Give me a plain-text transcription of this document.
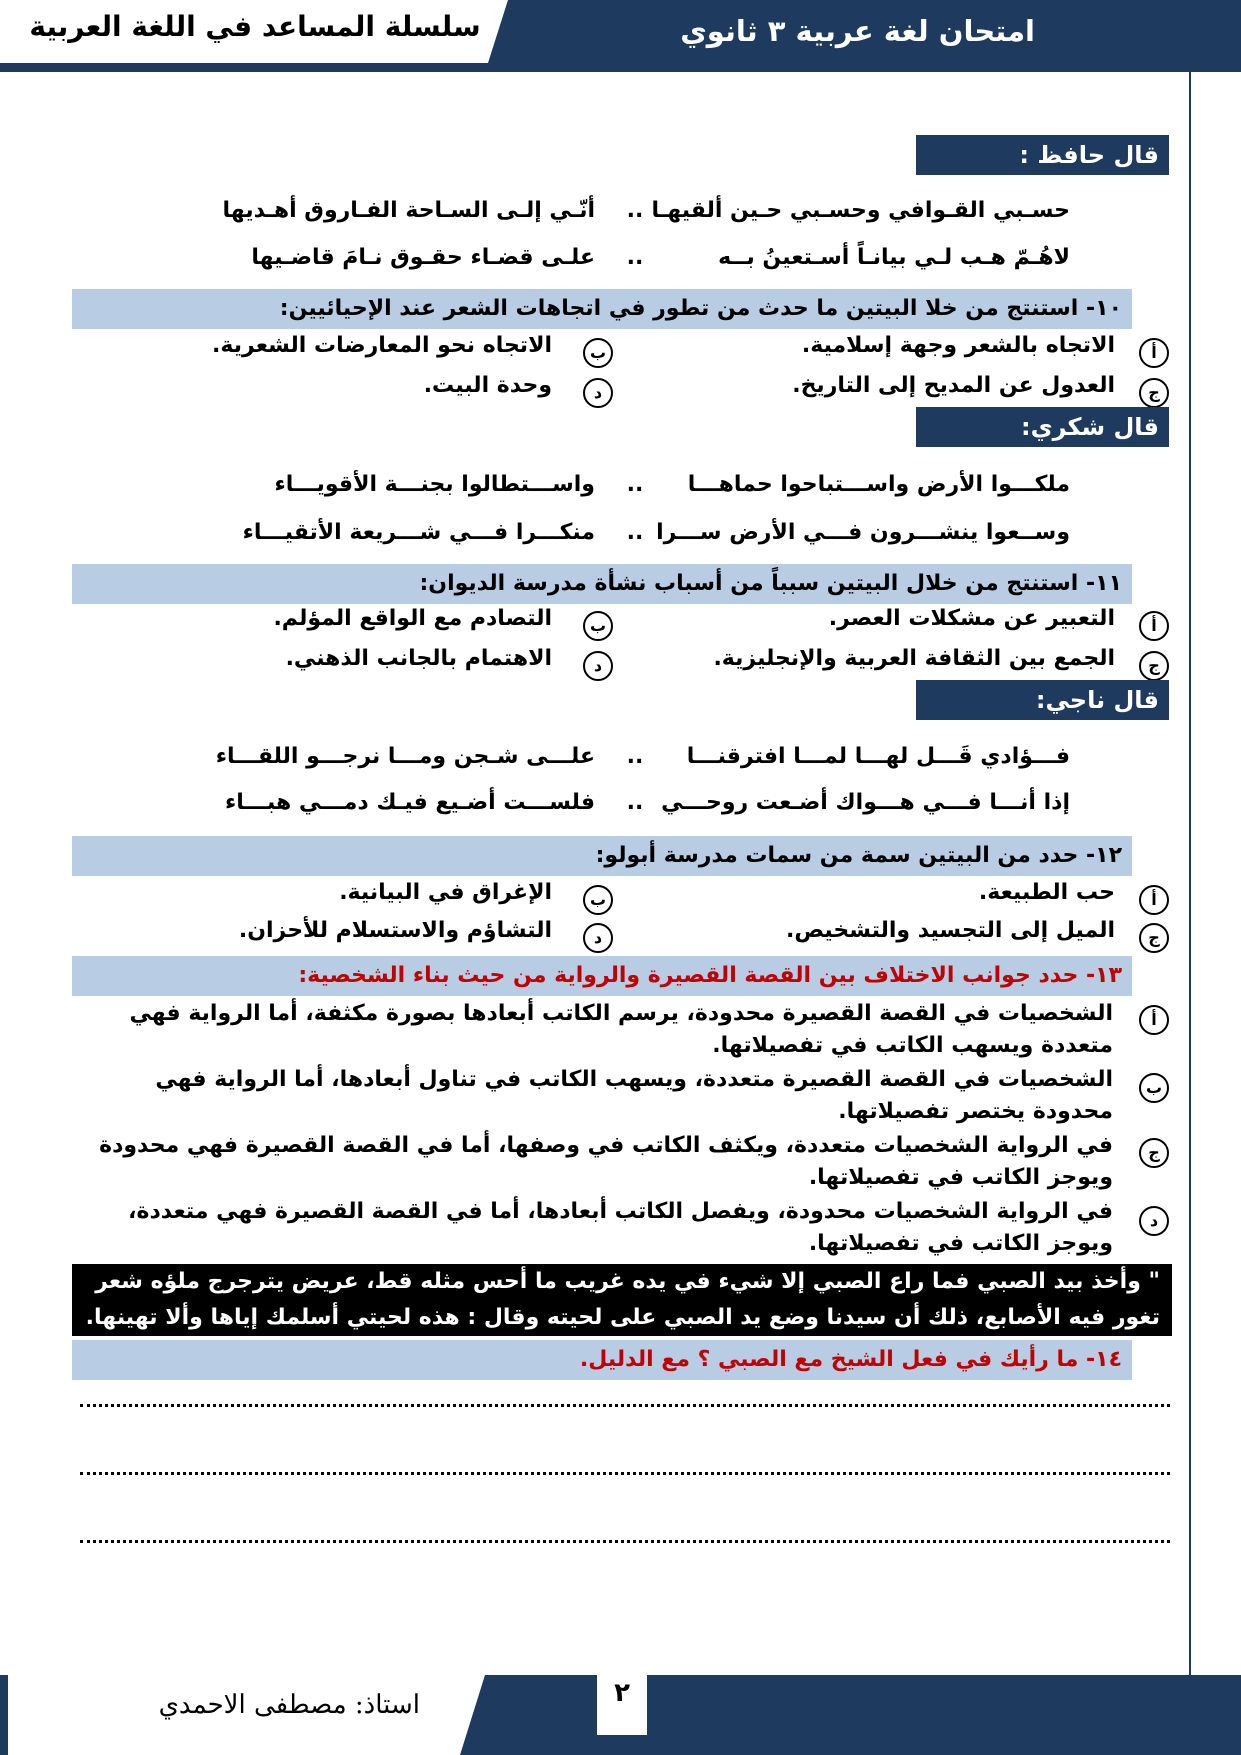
سلسلة المساعد في اللغة العربية	امتحان لغة عربية ٣ ثانوي
قال حافظ :
حسـبي القـوافي وحسـبي حـين ألقيهـا
..
أنّـي إلـى السـاحة الفـاروق أهـديها
لاهُـمّ هـب لـي بيانـاً أسـتعينُ بــه
..
علـى قضـاء حقـوق نـامَ قاضـيها
١٠- استنتج من خلا البيتين ما حدث من تطور في اتجاهات الشعر عند الإحيائيين:
أ
الاتجاه بالشعر وجهة إسلامية.
ب
الاتجاه نحو المعارضات الشعرية.
ج
العدول عن المديح إلى التاريخ.
د
وحدة البيت.
قال شكري:
ملكـــوا الأرض واســـتباحوا حماهـــا
..
واســـتطالوا بجنـــة الأقويـــاء
وســعوا ينشـــرون فـــي الأرض ســـرا
..
منكـــرا فـــي شـــريعة الأتقيـــاء
١١- استنتج من خلال البيتين سبباً من أسباب نشأة مدرسة الديوان:
أ
التعبير عن مشكلات العصر.
ب
التصادم مع الواقع المؤلم.
ج
الجمع بين الثقافة العربية والإنجليزية.
د
الاهتمام بالجانب الذهني.
قال ناجي:
فـــؤادي قَـــل لهـــا لمـــا افترقنـــا
..
علـــى شـجن ومـــا نرجـــو اللقـــاء
إذا أنـــا فـــي هـــواك أضـعت روحـــي
..
فلســـت أضـيع فيـك دمـــي هبـــاء
١٢- حدد من البيتين سمة من سمات مدرسة أبولو:
أ
حب الطبيعة.
ب
الإغراق في البيانية.
ج
الميل إلى التجسيد والتشخيص.
د
التشاؤم والاستسلام للأحزان.
١٣- حدد جوانب الاختلاف بين القصة القصيرة والرواية من حيث بناء الشخصية:
أ
الشخصيات في القصة القصيرة محدودة، يرسم الكاتب أبعادها بصورة مكثفة، أما الرواية فهي متعددة ويسهب الكاتب في تفصيلاتها.
ب
الشخصيات في القصة القصيرة متعددة، ويسهب الكاتب في تناول أبعادها، أما الرواية فهي محدودة يختصر تفصيلاتها.
ج
في الرواية الشخصيات متعددة، ويكثف الكاتب في وصفها، أما في القصة القصيرة فهي محدودة ويوجز الكاتب في تفصيلاتها.
د
في الرواية الشخصيات محدودة، ويفصل الكاتب أبعادها، أما في القصة القصيرة فهي متعددة، ويوجز الكاتب في تفصيلاتها.
" وأخذ بيد الصبي فما راع الصبي إلا شيء في يده غريب ما أحس مثله قط، عريض يترجرج ملؤه شعر تغور فيه الأصابع، ذلك أن سيدنا وضع يد الصبي على لحيته وقال : هذه لحيتي أسلمك إياها وألا تهينها.
١٤- ما رأيك في فعل الشيخ مع الصبي ؟ مع الدليل.
٢
استاذ: مصطفى الاحمدي
